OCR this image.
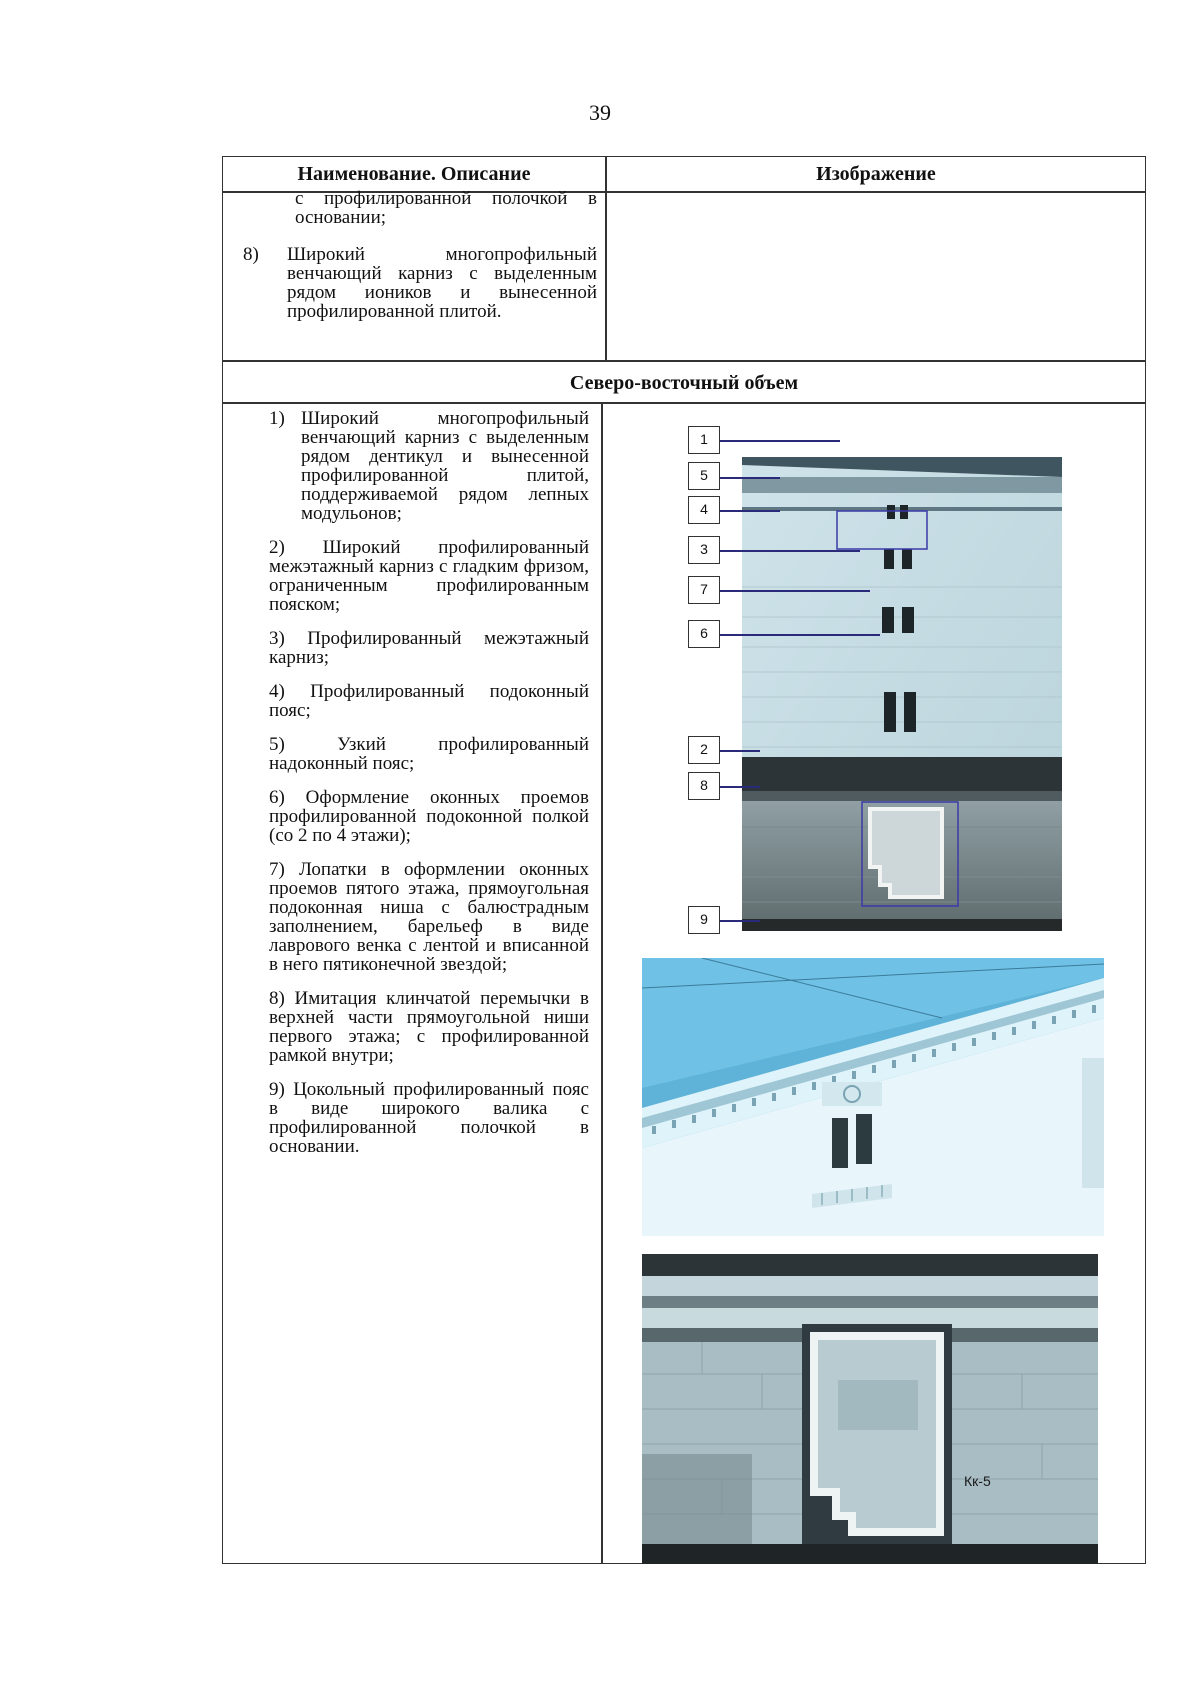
39
Наименование. Описание	Изображение
с профилированной полочкой в основании;
8)	Широкий многопрофильный венчающий карниз с выделенным рядом иоников и вынесенной профилированной плитой.
Северо-восточный объем
1) Широкий многопрофильный венчающий карниз с выделенным рядом дентикул и вынесенной профилированной плитой, поддерживаемой рядом лепных модульонов;
2) Широкий профилированный межэтажный карниз с гладким фризом, ограниченным профилированным пояском;
3) Профилированный межэтажный карниз;
4) Профилированный подоконный пояс;
5) Узкий профилированный надоконный пояс;
6) Оформление оконных проемов профилированной подоконной полкой (со 2 по 4 этажи);
7) Лопатки в оформлении оконных проемов пятого этажа, прямоугольная подоконная ниша с балюстрадным заполнением, барельеф в виде лаврового венка с лентой и вписанной в него пятиконечной звездой;
8) Имитация клинчатой перемычки в верхней части прямоугольной ниши первого этажа; с профилированной рамкой внутри;
9) Цокольный профилированный пояс в виде широкого валика с профилированной полочкой в основании.
1
5
4
3
7
6
2
8
9
Кк-5
